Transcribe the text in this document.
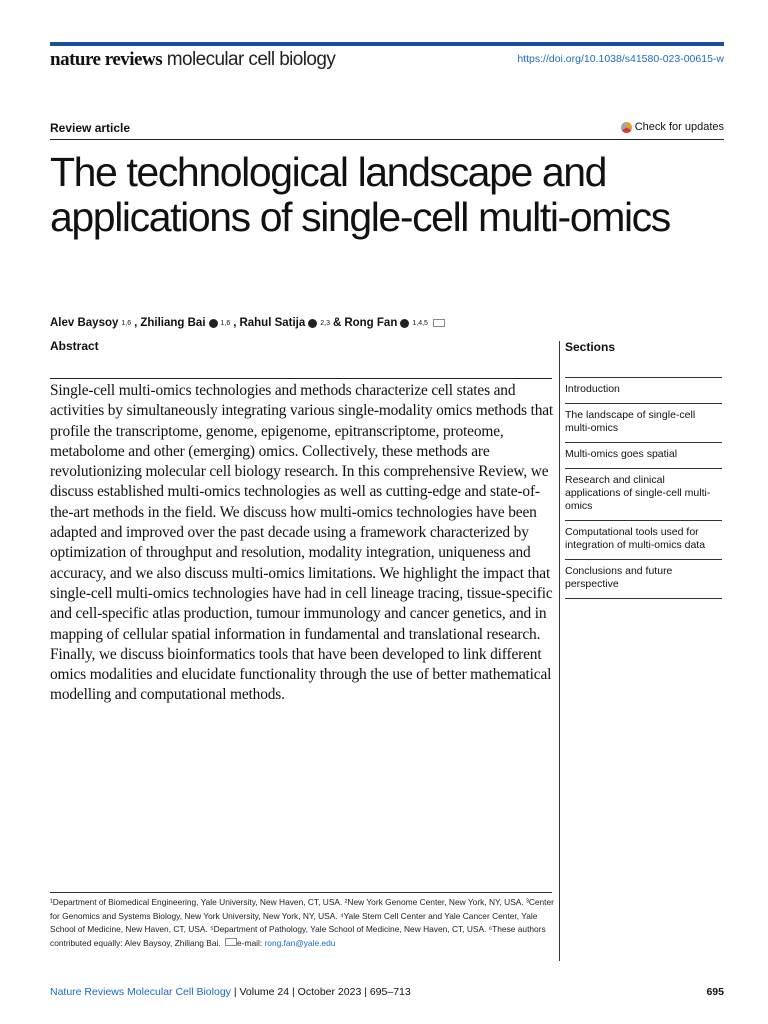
nature reviews molecular cell biology	https://doi.org/10.1038/s41580-023-00615-w
Review article	Check for updates
The technological landscape and applications of single-cell multi-omics
Alev Baysoy 1,6 , Zhiliang Bai 1,6 , Rahul Satija 2,3 & Rong Fan 1,4,5
Abstract

Single-cell multi-omics technologies and methods characterize cell states and activities by simultaneously integrating various single-modality omics methods that profile the transcriptome, genome, epigenome, epitranscriptome, proteome, metabolome and other (emerging) omics. Collectively, these methods are revolutionizing molecular cell biology research. In this comprehensive Review, we discuss established multi-omics technologies as well as cutting-edge and state-of-the-art methods in the field. We discuss how multi-omics technologies have been adapted and improved over the past decade using a framework characterized by optimization of throughput and resolution, modality integration, uniqueness and accuracy, and we also discuss multi-omics limitations. We highlight the impact that single-cell multi-omics technologies have had in cell lineage tracing, tissue-specific and cell-specific atlas production, tumour immunology and cancer genetics, and in mapping of cellular spatial information in fundamental and translational research. Finally, we discuss bioinformatics tools that have been developed to link different omics modalities and elucidate functionality through the use of better mathematical modelling and computational methods.

Sections
Introduction
The landscape of single-cell multi-omics
Multi-omics goes spatial
Research and clinical applications of single-cell multi-omics
Computational tools used for integration of multi-omics data
Conclusions and future perspective
¹Department of Biomedical Engineering, Yale University, New Haven, CT, USA. ²New York Genome Center, New York, NY, USA. ³Center for Genomics and Systems Biology, New York University, New York, NY, USA. ⁴Yale Stem Cell Center and Yale Cancer Center, Yale School of Medicine, New Haven, CT, USA. ⁵Department of Pathology, Yale School of Medicine, New Haven, CT, USA. ⁶These authors contributed equally: Alev Baysoy, Zhiliang Bai. e-mail: rong.fan@yale.edu
Nature Reviews Molecular Cell Biology | Volume 24 | October 2023 | 695–713	695
